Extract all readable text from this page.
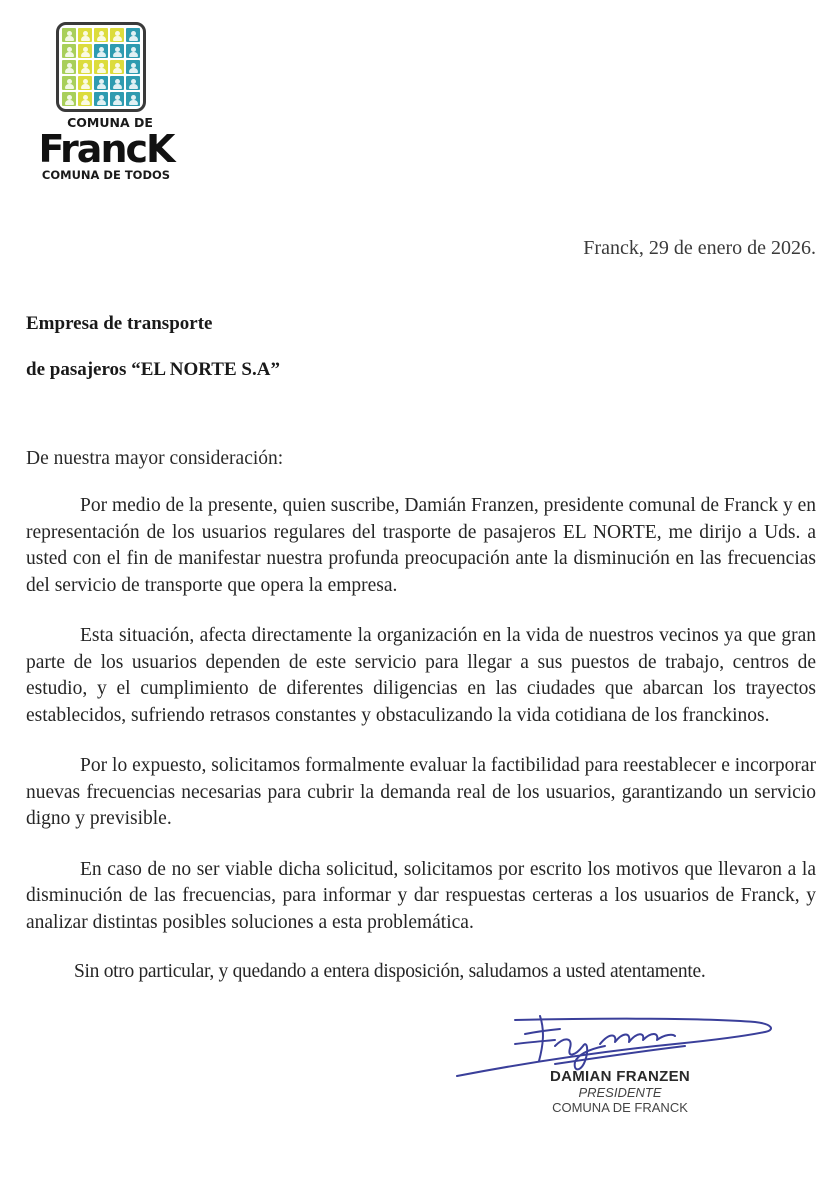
COMUNA DE
FrancK
COMUNA DE TODOS
Franck, 29 de enero de 2026.
Empresa de transporte
de pasajeros “EL NORTE S.A”
De nuestra mayor consideración:
Por medio de la presente, quien suscribe, Damián Franzen, presidente comunal de Franck y en representación de los usuarios regulares del trasporte de pasajeros EL NORTE, me dirijo a Uds. a usted con el fin de manifestar nuestra profunda preocupación ante la disminución en las frecuencias del servicio de transporte que opera la empresa.
Esta situación, afecta directamente la organización en la vida de nuestros vecinos ya que gran parte de los usuarios dependen de este servicio para llegar a sus puestos de trabajo, centros de estudio, y el cumplimiento de diferentes diligencias en las ciudades que abarcan los trayectos establecidos, sufriendo retrasos constantes y obstaculizando la vida cotidiana de los franckinos.
Por lo expuesto, solicitamos formalmente evaluar la factibilidad para reestablecer e incorporar nuevas frecuencias necesarias para cubrir la demanda real de los usuarios, garantizando un servicio digno y previsible.
En caso de no ser viable dicha solicitud, solicitamos por escrito los motivos que llevaron a la disminución de las frecuencias, para informar y dar respuestas certeras a los usuarios de Franck, y analizar distintas posibles soluciones a esta problemática.
Sin otro particular, y quedando a entera disposición, saludamos a usted atentamente.
DAMIAN FRANZEN
PRESIDENTE
COMUNA DE FRANCK
